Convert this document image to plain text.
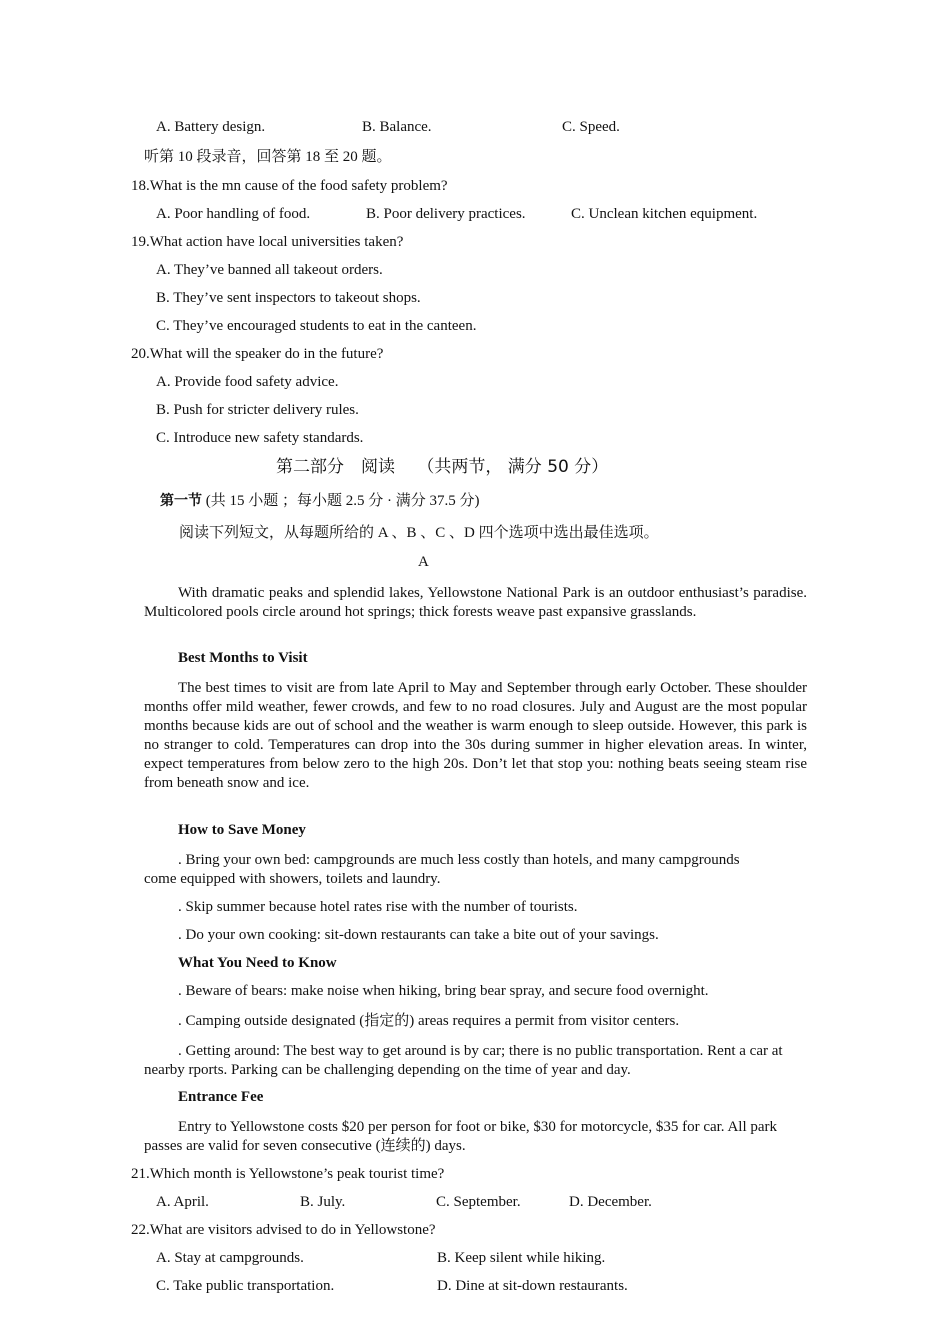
A. Battery design.	B. Balance.	C. Speed.
听第 10 段录音，回答第 18 至 20 题。
18.What is the mn cause of the food safety problem?
A. Poor handling of food.	B. Poor delivery practices.	C. Unclean kitchen equipment.
19.What action have local universities taken?
A. They’ve banned all takeout orders.
B. They’ve sent inspectors to takeout shops.
C. They’ve encouraged students to eat in the canteen.
20.What will the speaker do in the future?
A. Provide food safety advice.
B. Push for stricter delivery rules.
C. Introduce new safety standards.
第二部分　阅读　 （共两节， 满分 50 分）
第一节 (共 15 小题 ；每小题 2.5 分 · 满分 37.5 分)
阅读下列短文，从每题所给的 A 、B 、C 、D 四个选项中选出最佳选项。
A
With dramatic peaks and splendid lakes, Yellowstone National Park is an outdoor enthusiast’s paradise. Multicolored pools circle around hot springs; thick forests weave past expansive grasslands.
Best Months to Visit
The best times to visit are from late April to May and September through early October. These shoulder months offer mild weather, fewer crowds, and few to no road closures. July and August are the most popular months because kids are out of school and the weather is warm enough to sleep outside. However, this park is no stranger to cold. Temperatures can drop into the 30s during summer in higher elevation areas. In winter, expect temperatures from below zero to the high 20s. Don’t let that stop you: nothing beats seeing steam rise from beneath snow and ice.
How to Save Money
. Bring your own bed: campgrounds are much less costly than hotels, and many campgrounds come equipped with showers, toilets and laundry.
. Skip summer because hotel rates rise with the number of tourists.
. Do your own cooking: sit-down restaurants can take a bite out of your savings.
What You Need to Know
. Beware of bears: make noise when hiking, bring bear spray, and secure food overnight.
. Camping outside designated (指定的) areas requires a permit from visitor centers.
. Getting around: The best way to get around is by car; there is no public transportation. Rent a car at nearby rports. Parking can be challenging depending on the time of year and day.
Entrance Fee
Entry to Yellowstone costs $20 per person for foot or bike, $30 for motorcycle, $35 for car. All park passes are valid for seven consecutive (连续的) days.
21.Which month is Yellowstone’s peak tourist time?
A. April.	B. July.	C. September.	D. December.
22.What are visitors advised to do in Yellowstone?
A. Stay at campgrounds.	B. Keep silent while hiking.
C. Take public transportation.	D. Dine at sit-down restaurants.
